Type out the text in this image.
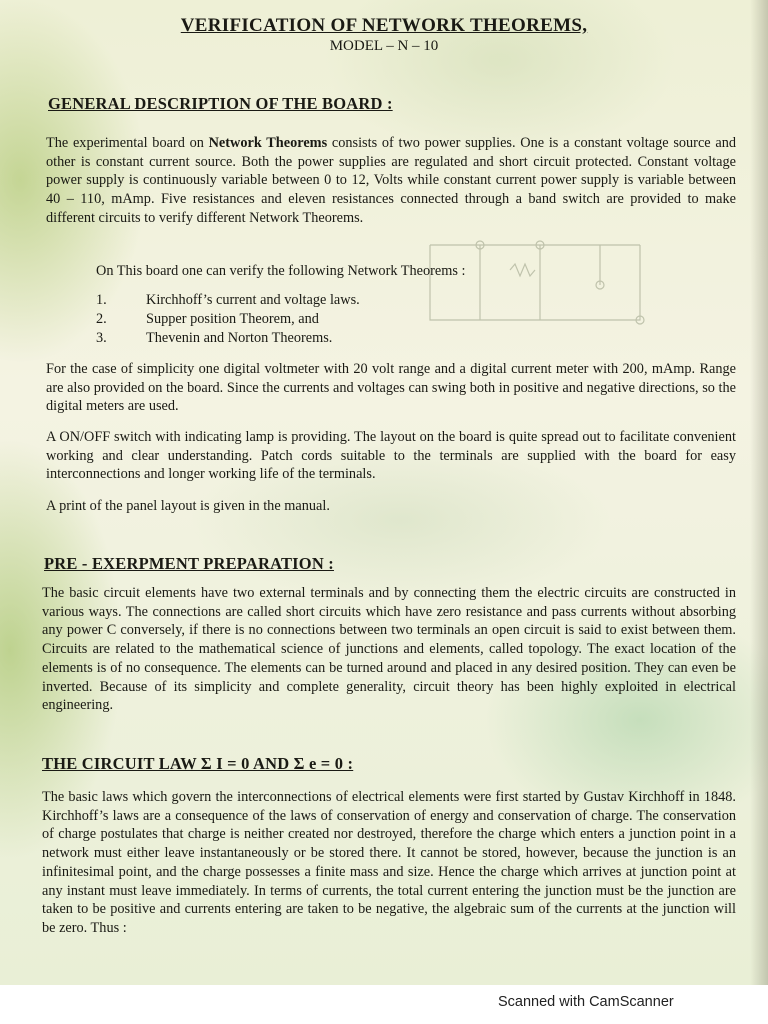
VERIFICATION OF NETWORK THEOREMS,
MODEL – N – 10
GENERAL DESCRIPTION OF THE BOARD :
The experimental board on Network Theorems consists of two power supplies. One is a constant voltage source and other is constant current source. Both the power supplies are regulated and short circuit protected. Constant voltage power supply is continuously variable between 0 to 12, Volts while constant current power supply is variable between 40 – 110, mAmp. Five resistances and eleven resistances connected through a band switch are provided to make different circuits to verify different Network Theorems.
On This board one can verify the following Network Theorems :
1.	Kirchhoff’s current and voltage laws.
2.	Supper position Theorem, and
3.	Thevenin and Norton Theorems.
For the case of simplicity one digital voltmeter with 20 volt range and a digital current meter with 200, mAmp. Range are also provided on the board. Since the currents and voltages can swing both in positive and negative directions, so the digital meters are used.
A ON/OFF switch with indicating lamp is providing. The layout on the board is quite spread out to facilitate convenient working and clear understanding. Patch cords suitable to the terminals are supplied with the board for easy interconnections and longer working life of the terminals.
A print of the panel layout is given in the manual.
PRE - EXERPMENT PREPARATION :
The basic circuit elements have two external terminals and by connecting them the electric circuits are constructed in various ways. The connections are called short circuits which have zero resistance and pass currents without absorbing any power C conversely, if there is no connections between two terminals an open circuit is said to exist between them. Circuits are related to the mathematical science of junctions and elements, called topology. The exact location of the elements is of no consequence. The elements can be turned around and placed in any desired position. They can even be inverted. Because of its simplicity and complete generality, circuit theory has been highly exploited in electrical engineering.
THE CIRCUIT LAW Σ I = 0 AND Σ e = 0 :
The basic laws which govern the interconnections of electrical elements were first started by Gustav Kirchhoff in 1848. Kirchhoff’s laws are a consequence of the laws of conservation of energy and conservation of charge. The conservation of charge postulates that charge is neither created nor destroyed, therefore the charge which enters a junction point in a network must either leave instantaneously or be stored there. It cannot be stored, however, because the junction is an infinitesimal point, and the charge possesses a finite mass and size. Hence the charge which arrives at junction point at any instant must leave immediately. In terms of currents, the total current entering the junction must be the junction are taken to be positive and currents entering are taken to be negative, the algebraic sum of the currents at the junction will be zero. Thus :
Scanned with CamScanner
